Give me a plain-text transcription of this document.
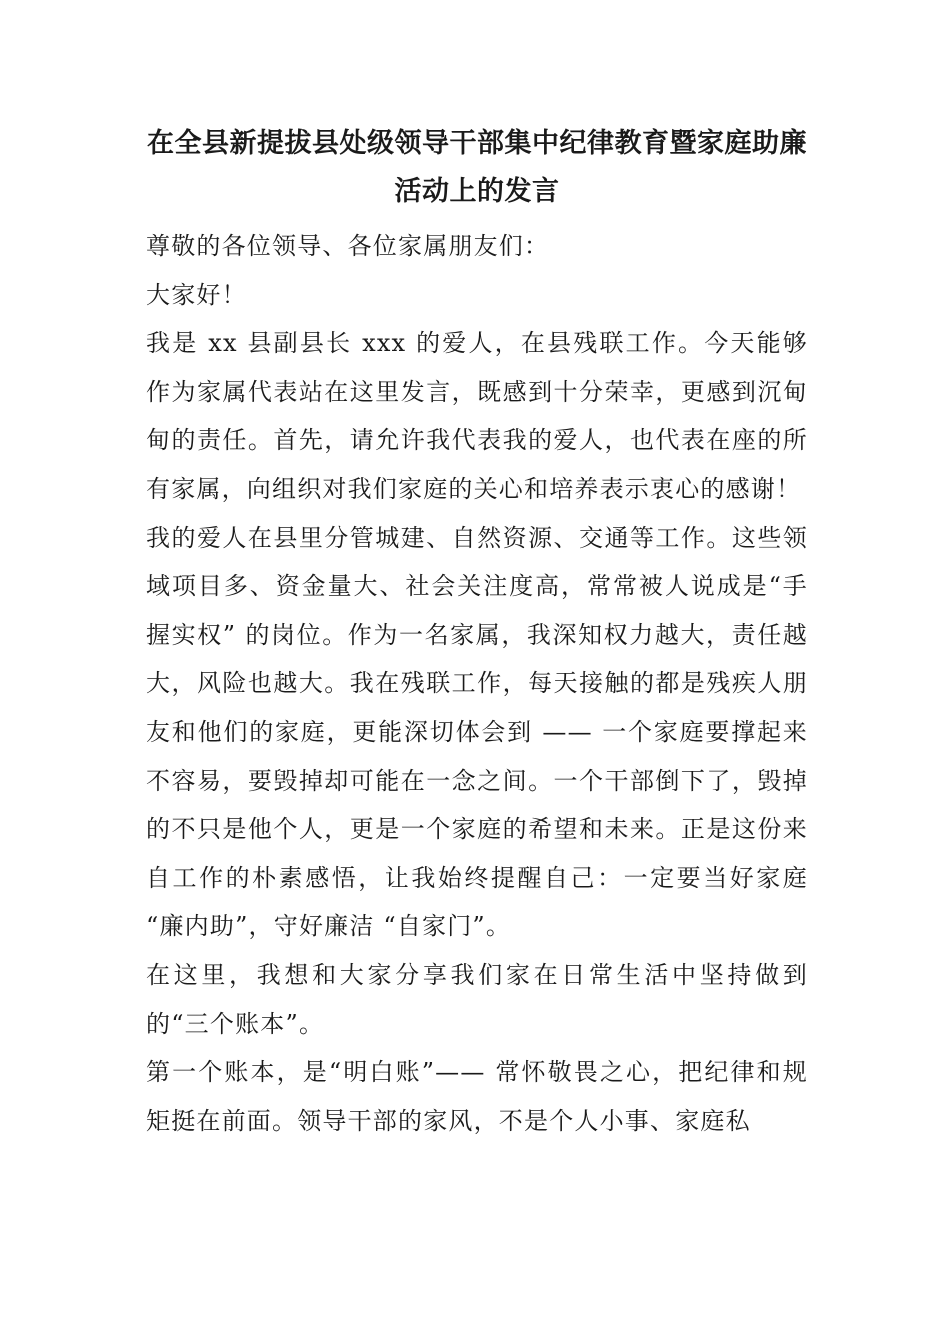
在全县新提拔县处级领导干部集中纪律教育暨家庭助廉活动上的发言

尊敬的各位领导、各位家属朋友们：

大家好！

我是 xx 县副县长 xxx 的爱人，在县残联工作。今天能够作为家属代表站在这里发言，既感到十分荣幸，更感到沉甸甸的责任。首先，请允许我代表我的爱人，也代表在座的所有家属，向组织对我们家庭的关心和培养表示衷心的感谢！

我的爱人在县里分管城建、自然资源、交通等工作。这些领域项目多、资金量大、社会关注度高，常常被人说成是“手握实权” 的岗位。作为一名家属，我深知权力越大，责任越大，风险也越大。我在残联工作，每天接触的都是残疾人朋友和他们的家庭，更能深切体会到 —— 一个家庭要撑起来不容易，要毁掉却可能在一念之间。一个干部倒下了，毁掉的不只是他个人，更是一个家庭的希望和未来。正是这份来自工作的朴素感悟，让我始终提醒自己：一定要当好家庭 “廉内助”，守好廉洁 “自家门”。

在这里，我想和大家分享我们家在日常生活中坚持做到的“三个账本”。

第一个账本，是“明白账”—— 常怀敬畏之心，把纪律和规矩挺在前面。领导干部的家风，不是个人小事、家庭私
